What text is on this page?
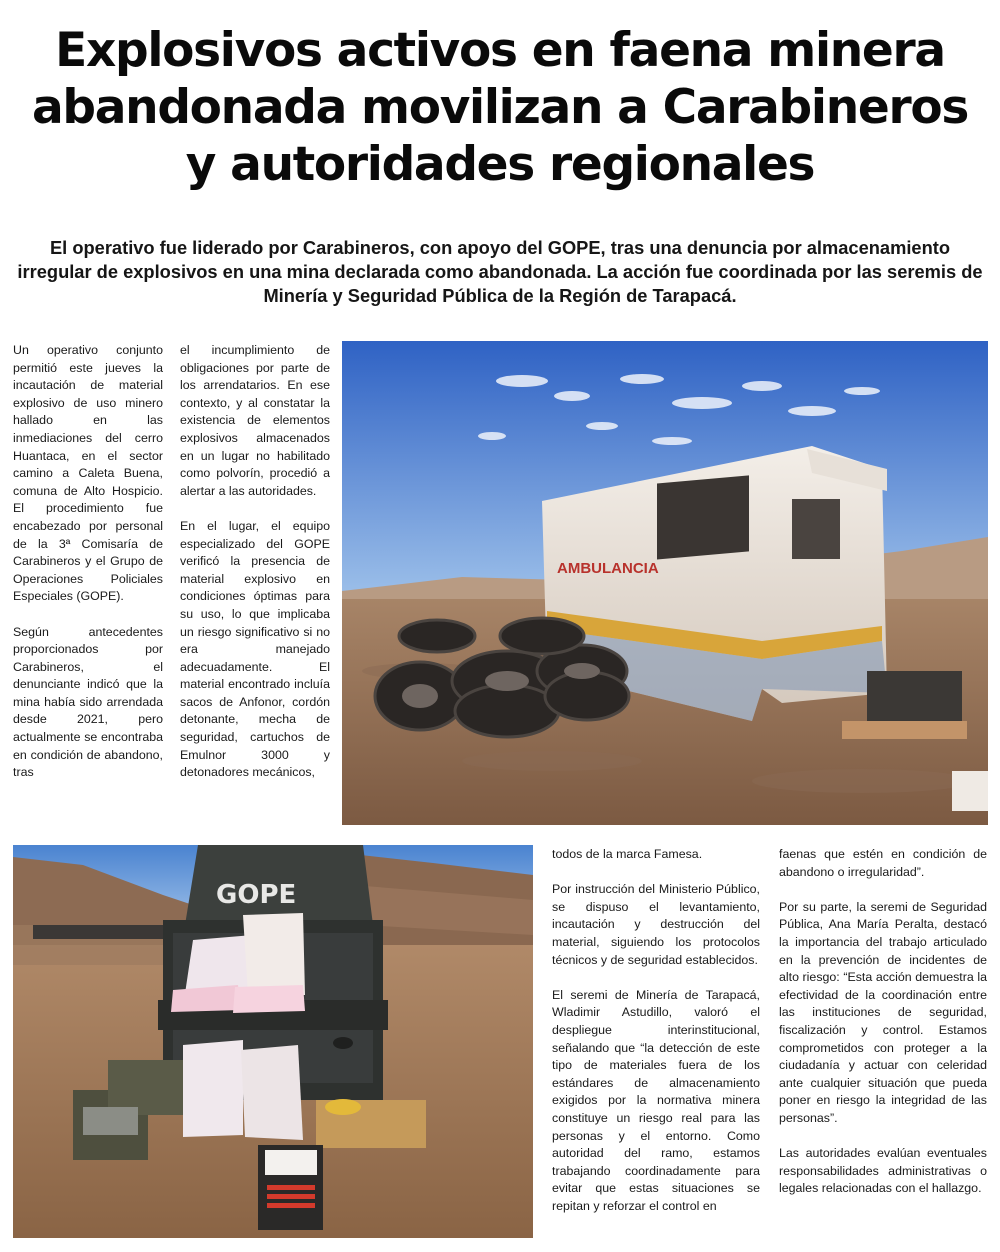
Explosivos activos en faena minera abandonada movilizan a Carabineros y autoridades regionales

El operativo fue liderado por Carabineros, con apoyo del GOPE, tras una denuncia por almacenamiento irregular de explosivos en una mina declarada como abandonada. La acción fue coordinada por las seremis de Minería y Seguridad Pública de la Región de Tarapacá.

Un operativo conjunto permitió este jueves la incautación de material explosivo de uso minero hallado en las inmediaciones del cerro Huantaca, en el sector camino a Caleta Buena, comuna de Alto Hospicio. El procedimiento fue encabezado por personal de la 3ª Comisaría de Carabineros y el Grupo de Operaciones Policiales Especiales (GOPE).

Según antecedentes proporcionados por Carabineros, el denunciante indicó que la mina había sido arrendada desde 2021, pero actualmente se encontraba en condición de abandono, tras

el incumplimiento de obligaciones por parte de los arrendatarios. En ese contexto, y al constatar la existencia de elementos explosivos almacenados en un lugar no habilitado como polvorín, procedió a alertar a las autoridades.

En el lugar, el equipo especializado del GOPE verificó la presencia de material explosivo en condiciones óptimas para su uso, lo que implicaba un riesgo significativo si no era manejado adecuadamente. El material encontrado incluía sacos de Anfonor, cordón detonante, mecha de seguridad, cartuchos de Emulnor 3000 y detonadores mecánicos,

todos de la marca Famesa.

Por instrucción del Ministerio Público, se dispuso el levantamiento, incautación y destrucción del material, siguiendo los protocolos técnicos y de seguridad establecidos.

El seremi de Minería de Tarapacá, Wladimir Astudillo, valoró el despliegue interinstitucional, señalando que “la detección de este tipo de materiales fuera de los estándares de almacenamiento exigidos por la normativa minera constituye un riesgo real para las personas y el entorno. Como autoridad del ramo, estamos trabajando coordinadamente para evitar que estas situaciones se repitan y reforzar el control en

faenas que estén en condición de abandono o irregularidad”.

Por su parte, la seremi de Seguridad Pública, Ana María Peralta, destacó la importancia del trabajo articulado en la prevención de incidentes de alto riesgo: “Esta acción demuestra la efectividad de la coordinación entre las instituciones de seguridad, fiscalización y control. Estamos comprometidos con proteger a la ciudadanía y actuar con celeridad ante cualquier situación que pueda poner en riesgo la integridad de las personas”.

Las autoridades evalúan eventuales responsabilidades administrativas o legales relacionadas con el hallazgo.

AMBULANCIA
GOPE
